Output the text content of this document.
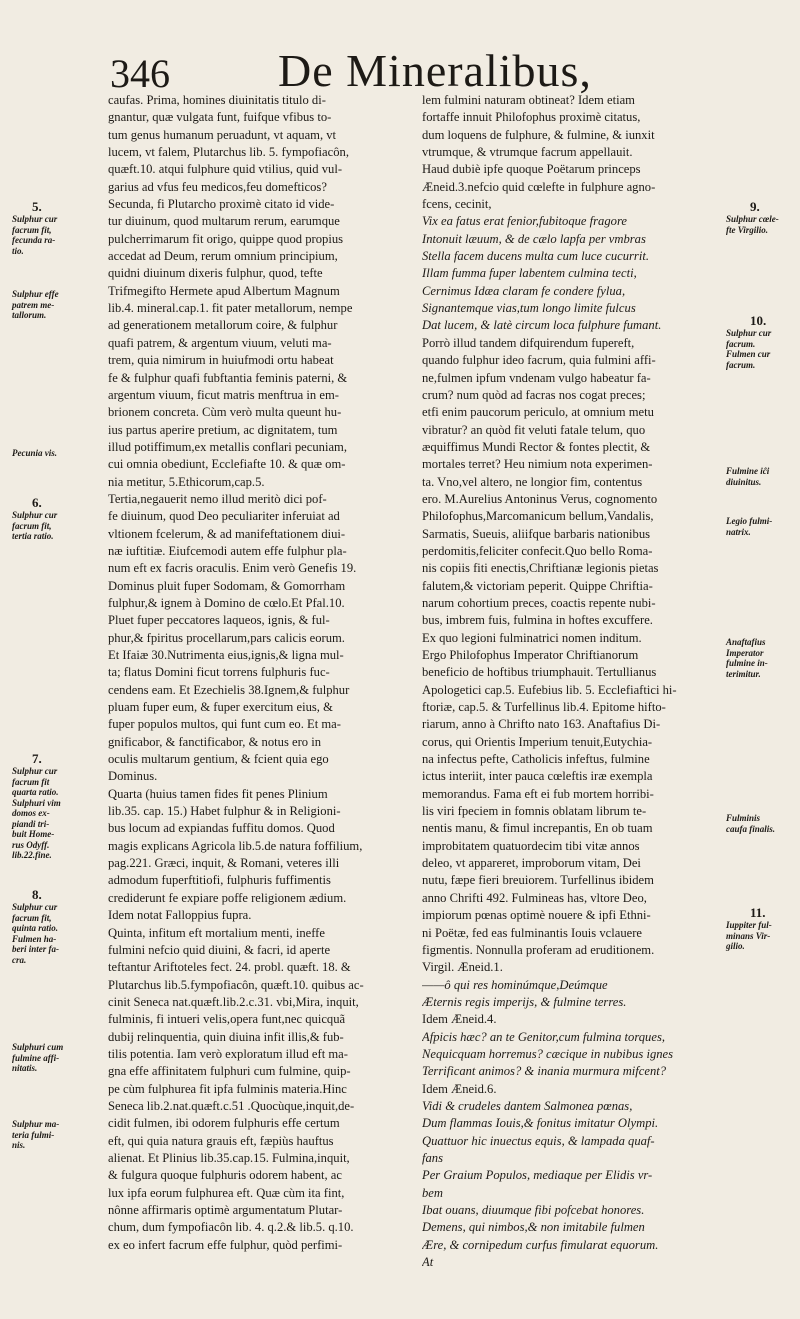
346 De Mineralibus,
caufas. Prima, homines diuinitatis titulo di-
gnantur, quæ vulgata funt, fuifque vfibus to-
tum genus humanum peruadunt, vt aquam, vt
lucem, vt falem, Plutarchus lib. 5. fympofiacôn,
quæft.10. atqui fulphure quid vtilius, quid vul-
garius ad vfus feu medicos,feu domefticos?
Secunda, fi Plutarcho proximè citato id vide-
tur diuinum, quod multarum rerum, earumque
pulcherrimarum fit origo, quippe quod propius
accedat ad Deum, rerum omnium principium,
quidni diuinum dixeris fulphur, quod, tefte
Trifmegifto Hermete apud Albertum Magnum
lib.4. mineral.cap.1. fit pater metallorum, nempe
ad generationem metallorum coire, & fulphur
quafi patrem, & argentum viuum, veluti ma-
trem, quia nimirum in huiufmodi ortu habeat
fe & fulphur quafi fubftantia feminis paterni, &
argentum viuum, ficut matris menftrua in em-
brionem concreta. Cùm verò multa queunt hu-
ius partus aperire pretium, ac dignitatem, tum
illud potiffimum,ex metallis conflari pecuniam,
cui omnia obediunt, Ecclefiafte 10. & quæ om-
nia metitur, 5.Ethicorum,cap.5.
Tertia,negauerit nemo illud meritò dici pof-
fe diuinum, quod Deo peculiariter inferuiat ad
vltionem fcelerum, & ad manifeftationem diui-
næ iuftitiæ. Eiufcemodi autem effe fulphur pla-
num eft ex facris oraculis. Enim verò Genefis 19.
Dominus pluit fuper Sodomam, & Gomorrham
fulphur,& ignem à Domino de cœlo.Et Pfal.10.
Pluet fuper peccatores laqueos, ignis, & ful-
phur,& fpiritus procellarum,pars calicis eorum.
Et Ifaiæ 30.Nutrimenta eius,ignis,& ligna mul-
ta; flatus Domini ficut torrens fulphuris fuc-
cendens eam. Et Ezechielis 38.Ignem,& fulphur
pluam fuper eum, & fuper exercitum eius, &
fuper populos multos, qui funt cum eo. Et ma-
gnificabor, & fanctificabor, & notus ero in
oculis multarum gentium, & fcient quia ego
Dominus.
Quarta (huius tamen fides fit penes Plinium
lib.35. cap. 15.) Habet fulphur & in Religioni-
bus locum ad expiandas fuffitu domos. Quod
magis explicans Agricola lib.5.de natura foffilium,
pag.221. Græci, inquit, & Romani, veteres illi
admodum fuperftitiofi, fulphuris fuffimentis
crediderunt fe expiare poffe religionem ædium.
Idem notat Falloppius fupra.
Quinta, infitum eft mortalium menti, ineffe
fulmini nefcio quid diuini, & facri, id aperte
teftantur Ariftoteles fect. 24. probl. quæft. 18. &
Plutarchus lib.5.fympofiacôn, quæft.10. quibus ac-
cinit Seneca nat.quæft.lib.2.c.31. vbi,Mira, inquit,
fulminis, fi intueri velis,opera funt,nec quicquã
dubij relinquentia, quin diuina infit illis,& fub-
tilis potentia. Iam verò exploratum illud eft ma-
gna effe affinitatem fulphuri cum fulmine, quip-
pe cùm fulphurea fit ipfa fulminis materia.Hinc
Seneca lib.2.nat.quæft.c.51 .Quocùque,inquit,de-
cidit fulmen, ibi odorem fulphuris effe certum
eft, qui quia natura grauis eft, fæpiùs hauftus
alienat. Et Plinius lib.35.cap.15. Fulmina,inquit,
& fulgura quoque fulphuris odorem habent, ac
lux ipfa eorum fulphurea eft. Quæ cùm ita fint,
nônne affirmaris optimè argumentatum Plutar-
chum, dum fympofiacôn lib. 4. q.2.& lib.5. q.10.
ex eo infert facrum effe fulphur, quòd perfimi-
lem fulmini naturam obtineat? Idem etiam
fortaffe innuit Philofophus proximè citatus,
dum loquens de fulphure, & fulmine, & iunxit
vtrumque, & vtrumque facrum appellauit.
Haud dubiè ipfe quoque Poëtarum princeps
Æneid.3.nefcio quid cœlefte in fulphure agno-
fcens, cecinit,
Vix ea fatus erat fenior,fubitoque fragore
Intonuit læuum, & de cælo lapfa per vmbras
Stella facem ducens multa cum luce cucurrit.
Illam fumma fuper labentem culmina tecti,
Cernimus Idæa claram fe condere fylua,
Signantemque vias,tum longo limite fulcus
Dat lucem, & latè circum loca fulphure fumant.
Porrò illud tandem difquirendum fupereft,
quando fulphur ideo facrum, quia fulmini affi-
ne,fulmen ipfum vndenam vulgo habeatur fa-
crum? num quòd ad facras nos cogat preces;
etfi enim paucorum periculo, at omnium metu
vibratur? an quòd fit veluti fatale telum, quo
æquiffimus Mundi Rector & fontes plectit, &
mortales terret? Heu nimium nota experimen-
ta. Vno,vel altero, ne longior fim, contentus
ero. M.Aurelius Antoninus Verus, cognomento
Philofophus,Marcomanicum bellum,Vandalis,
Sarmatis, Sueuis, aliifque barbaris nationibus
perdomitis,feliciter confecit.Quo bello Roma-
nis copiis fiti enectis,Chriftianæ legionis pietas
falutem,& victoriam peperit. Quippe Chriftia-
narum cohortium preces, coactis repente nubi-
bus, imbrem fuis, fulmina in hoftes excuffere.
Ex quo legioni fulminatrici nomen inditum.
Ergo Philofophus Imperator Chriftianorum
beneficio de hoftibus triumphauit. Tertullianus
Apologetici cap.5. Eufebius lib. 5. Ecclefiaftici hi-
ftoriæ, cap.5. & Turfellinus lib.4. Epitome hifto-
riarum, anno à Chrifto nato 163. Anaftafius Di-
corus, qui Orientis Imperium tenuit,Eutychia-
na infectus pefte, Catholicis infeftus, fulmine
ictus interiit, inter pauca cœleftis iræ exempla
memorandus. Fama eft ei fub mortem horribi-
lis viri fpeciem in fomnis oblatam librum te-
nentis manu, & fimul increpantis, En ob tuam
improbitatem quatuordecim tibi vitæ annos
deleo, vt appareret, improborum vitam, Dei
nutu, fæpe fieri breuiorem. Turfellinus ibidem
anno Chrifti 492. Fulmineas has, vltore Deo,
impiorum pœnas optimè nouere & ipfi Ethni-
ni Poëtæ, fed eas fulminantis Iouis vclauere
figmentis. Nonnulla proferam ad eruditionem.
Virgil. Æneid.1.
——ô qui res hominúmque,Deúmque
Æternis regis imperijs, & fulmine terres.
Idem Æneid.4.
Afpicis hæc? an te Genitor,cum fulmina torques,
Nequicquam horremus? cæcique in nubibus ignes
Terrificant animos? & inania murmura mifcent?
Idem Æneid.6.
Vidi & crudeles dantem Salmonea pœnas,
Dum flammas Iouis,& fonitus imitatur Olympi.
Quattuor hic inuectus equis, & lampada quaf-
fans
Per Graium Populos, mediaque per Elidis vr-
bem
Ibat ouans, diuumque fibi pofcebat honores.
Demens, qui nimbos,& non imitabile fulmen
Ære, & cornipedum curfus fimularat equorum.
At
5.
Sulphur cur
facrum fit,
fecunda ra-
tio.
Sulphur effe
patrem me-
tallorum.
Pecunia vis.
6.
Sulphur cur
facrum fit,
tertia ratio.
7.
Sulphur cur
facrum fit
quarta ratio.
Sulphuri vim
domos ex-
piandi tri-
buit Home-
rus Odyff.
lib.22.fine.
8.
Sulphur cur
facrum fit,
quinta ratio.
Fulmen ha-
beri inter fa-
cra.
Sulphuri cum
fulmine affi-
nitatis.
Sulphur ma-
teria fulmi-
nis.
9.
Sulphur cœle-
fte Virgilio.
10.
Sulphur cur
facrum.
Fulmen cur
facrum.
Fulmine iĉi
diuinitus.
Legio fulmi-
natrix.
Anaftafius
Imperator
fulmine in-
terimitur.
Fulminis
caufa finalis.
11.
Iuppiter ful-
minans Vir-
gilio.
